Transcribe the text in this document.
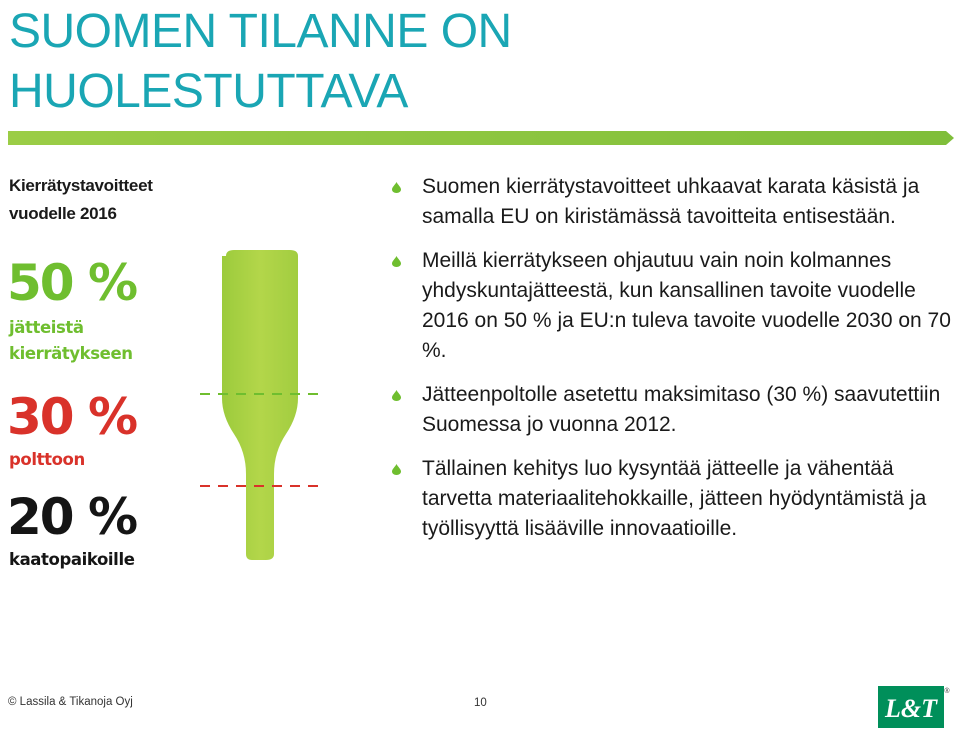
SUOMEN TILANNE ON
HUOLESTUTTAVA
Kierrätystavoitteet
vuodelle 2016
50 %
jätteistä
kierrätykseen
30 %
polttoon
20 %
kaatopaikoille
Suomen kierrätystavoitteet uhkaavat karata käsistä ja samalla EU on kiristämässä tavoitteita entisestään.
Meillä kierrätykseen ohjautuu vain noin kolmannes yhdyskuntajätteestä, kun kansallinen tavoite vuodelle 2016 on 50 % ja EU:n tuleva tavoite vuodelle 2030 on 70 %.
Jätteenpoltolle asetettu maksimitaso (30 %) saavutettiin Suomessa jo vuonna 2012.
Tällainen kehitys luo kysyntää jätteelle ja vähentää tarvetta materiaalitehokkaille, jätteen hyödyntämistä ja työllisyyttä lisääville innovaatioille.
© Lassila & Tikanoja Oyj	10	L&T
®
